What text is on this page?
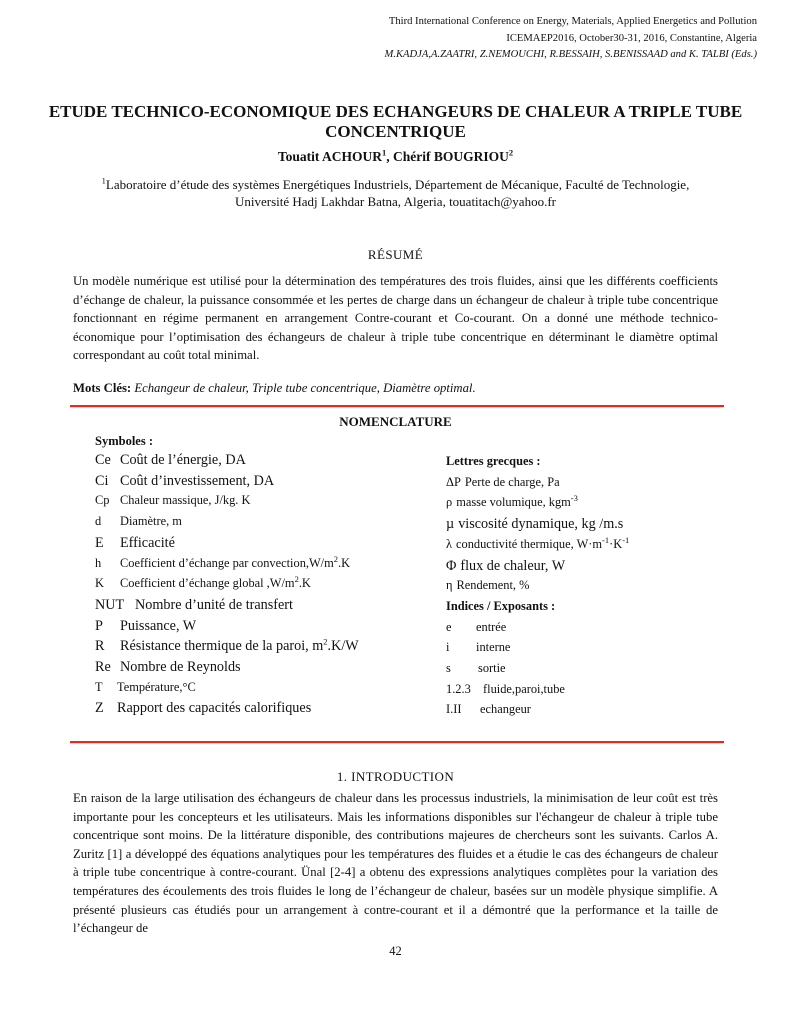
Third International Conference on Energy, Materials, Applied Energetics and Pollution
ICEMAEP2016, October30-31, 2016, Constantine, Algeria
M.KADJA,A.ZAATRI, Z.NEMOUCHI, R.BESSAIH, S.BENISSAAD and K. TALBI (Eds.)
ETUDE TECHNICO-ECONOMIQUE DES ECHANGEURS DE CHALEUR A TRIPLE TUBE CONCENTRIQUE
Touatit ACHOUR$^1$, Chérif BOUGRIOU$^2$
$^1$Laboratoire d’étude des systèmes Energétiques Industriels, Département de Mécanique, Faculté de Technologie,
Université Hadj Lakhdar Batna, Algeria, touatitach@yahoo.fr
RÉSUMÉ
Un modèle numérique est utilisé pour la détermination des températures des trois fluides, ainsi que les différents coefficients d’échange de chaleur, la puissance consommée et les pertes de charge dans un échangeur de chaleur à triple tube concentrique fonctionnant en régime permanent en arrangement Contre-courant et Co-courant. On a donné une méthode technico-économique pour l’optimisation des échangeurs de chaleur à triple tube concentrique en déterminant le diamètre optimal correspondant au coût total minimal.
Mots Clés: Echangeur de chaleur, Triple tube concentrique, Diamètre optimal.
NOMENCLATURE
Symboles :
Ce Coût de l’énergie, DA
Ci Coût d’investissement, DA
Cp Chaleur massique, J/kg. K
d Diamètre, m
E Efficacité
h Coefficient d’échange par $convection,W/m^2.K$
K Coefficient d’échange global $,W/m^2.K$
NUT Nombre d’unité de transfert
P Puissance, W
R Résistance thermique de la paroi, $m^2.K/W$
Re Nombre de Reynolds
T Température,°C
Z Rapport des capacités calorifiques
Lettres grecques :
ΔP Perte de charge, Pa
ρ masse volumique, kgm$^{-3}$
µ viscosité dynamique, kg /m.s
λ conductivité thermique, $W\cdot m^{-1}\cdot K^{-1}$
Φ flux de chaleur, W
η Rendement, %
Indices / Exposants :
e entrée
i interne
s sortie
1.2.3 fluide,paroi,tube
I.II echangeur
1. INTRODUCTION
En raison de la large utilisation des échangeurs de chaleur dans les processus industriels, la minimisation de leur coût est très importante pour les concepteurs et les utilisateurs. Mais les informations disponibles sur l'échangeur de chaleur à triple tube concentrique sont moins. De la littérature disponible, des contributions majeures de chercheurs sont les suivants. Carlos A. Zuritz [1] a développé des équations analytiques pour les températures des fluides et a étudie le cas des échangeurs de chaleur à triple tube concentrique à contre-courant. Ünal [2-4] a obtenu des expressions analytiques complètes pour la variation des températures des écoulements des trois fluides le long de l’échangeur de chaleur, basées sur un modèle physique simplifie. A présenté plusieurs cas étudiés pour un arrangement à contre-courant et il a démontré que la performance et la taille de l’échangeur de
42
